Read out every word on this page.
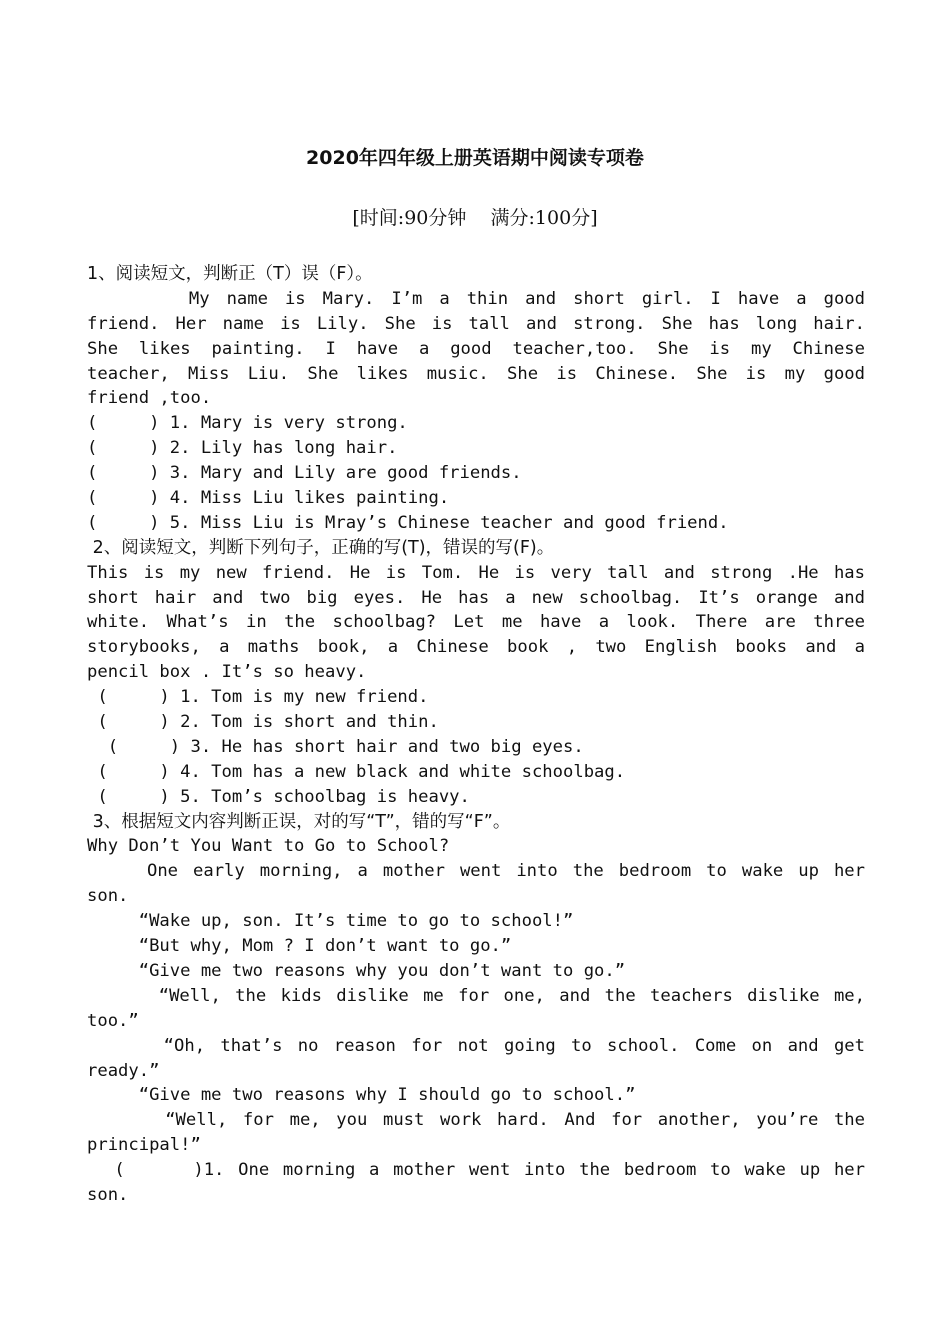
2020年四年级上册英语期中阅读专项卷
[时间:90分钟    满分:100分]
1、阅读短文，判断正（T）误（F）。
My name is Mary. I’m a thin and short girl. I have a good
friend. Her name is Lily. She is tall and strong. She has long hair.
She likes painting. I have a good teacher,too. She is my Chinese
teacher, Miss Liu. She likes music. She is Chinese. She is my good
friend ,too.
(     ) 1. Mary is very strong.
(     ) 2. Lily has long hair.
(     ) 3. Mary and Lily are good friends.
(     ) 4. Miss Liu likes painting.
(     ) 5. Miss Liu is Mray’s Chinese teacher and good friend.
2、阅读短文，判断下列句子，正确的写(T)，错误的写(F)。
This is my new friend. He is Tom. He is very tall and strong .He has
short hair and two big eyes. He has a new schoolbag. It’s orange and
white. What’s in the schoolbag? Let me have a look. There are three
storybooks, a maths book, a Chinese book , two English books and a
pencil box . It’s so heavy.
(     ) 1. Tom is my new friend.
(     ) 2. Tom is short and thin.
(     ) 3. He has short hair and two big eyes.
(     ) 4. Tom has a new black and white schoolbag.
(     ) 5. Tom’s schoolbag is heavy.
3、根据短文内容判断正误，对的写“T”，错的写“F”。
Why Don’t You Want to Go to School?
One early morning, a mother went into the bedroom to wake up her
son.
“Wake up, son. It’s time to go to school!”
“But why, Mom ? I don’t want to go.”
“Give me two reasons why you don’t want to go.”
“Well, the kids dislike me for one, and the teachers dislike me,
too.”
“Oh, that’s no reason for not going to school. Come on and get
ready.”
“Give me two reasons why I should go to school.”
“Well, for me, you must work hard. And for another, you’re the
principal!”
(     )1. One morning a mother went into the bedroom to wake up her
son.
